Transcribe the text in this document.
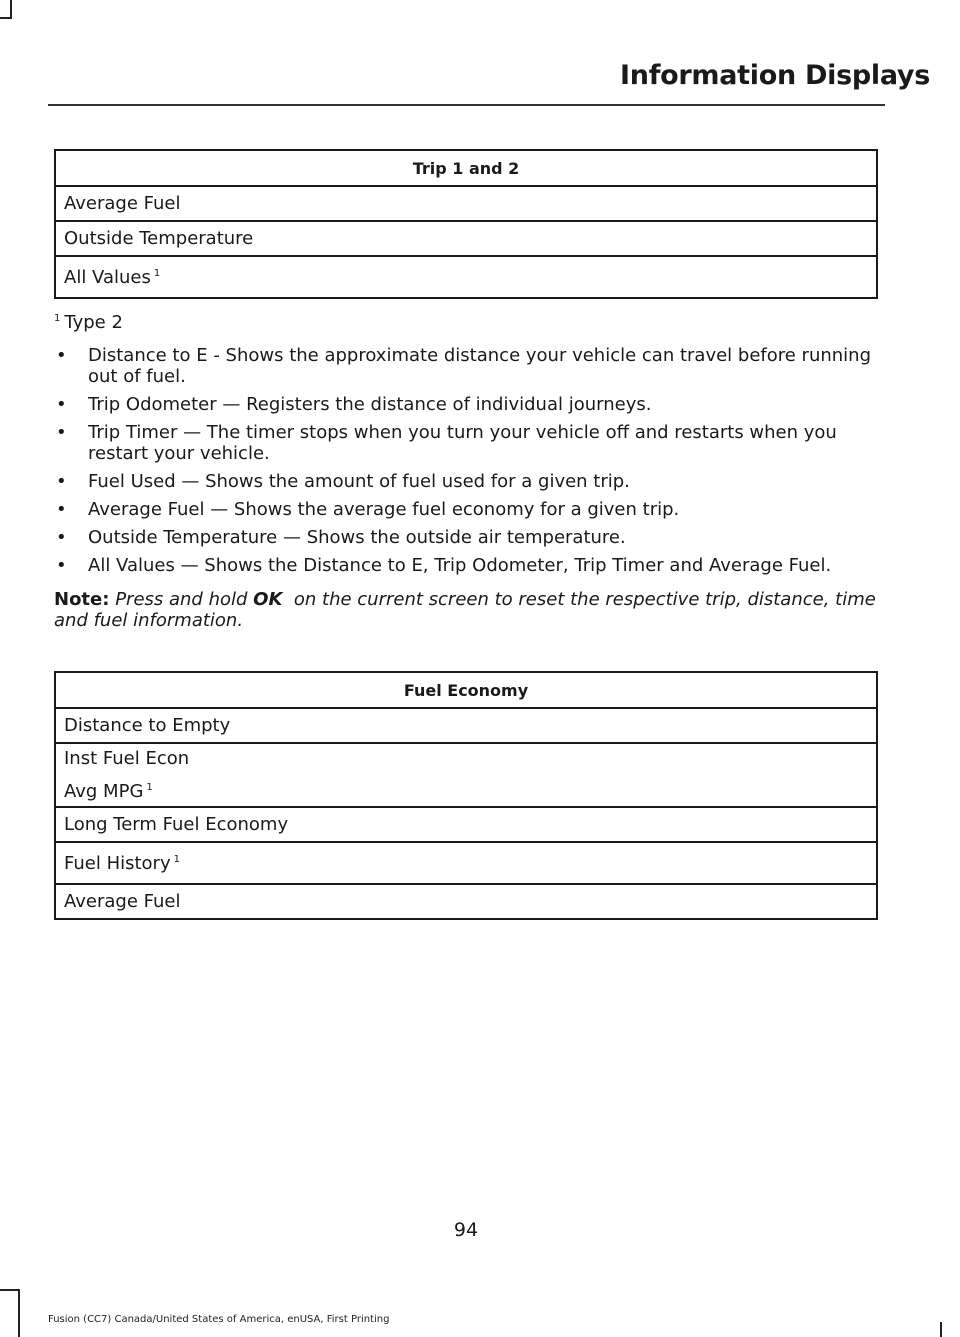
Information Displays
Trip 1 and 2
Average Fuel
Outside Temperature
All Values $^1$
$^1$ Type 2
• Distance to E - Shows the approximate distance your vehicle can travel before running out of fuel.
• Trip Odometer — Registers the distance of individual journeys.
• Trip Timer — The timer stops when you turn your vehicle off and restarts when you restart your vehicle.
• Fuel Used — Shows the amount of fuel used for a given trip.
• Average Fuel — Shows the average fuel economy for a given trip.
• Outside Temperature — Shows the outside air temperature.
• All Values — Shows the Distance to E, Trip Odometer, Trip Timer and Average Fuel.
Note: Press and hold OK on the current screen to reset the respective trip, distance, time and fuel information.
Fuel Economy
Distance to Empty

Inst Fuel Econ
Avg MPG $^1$

Long Term Fuel Economy
Fuel History $^1$
Average Fuel
94
Fusion (CC7) Canada/United States of America, enUSA, First Printing
